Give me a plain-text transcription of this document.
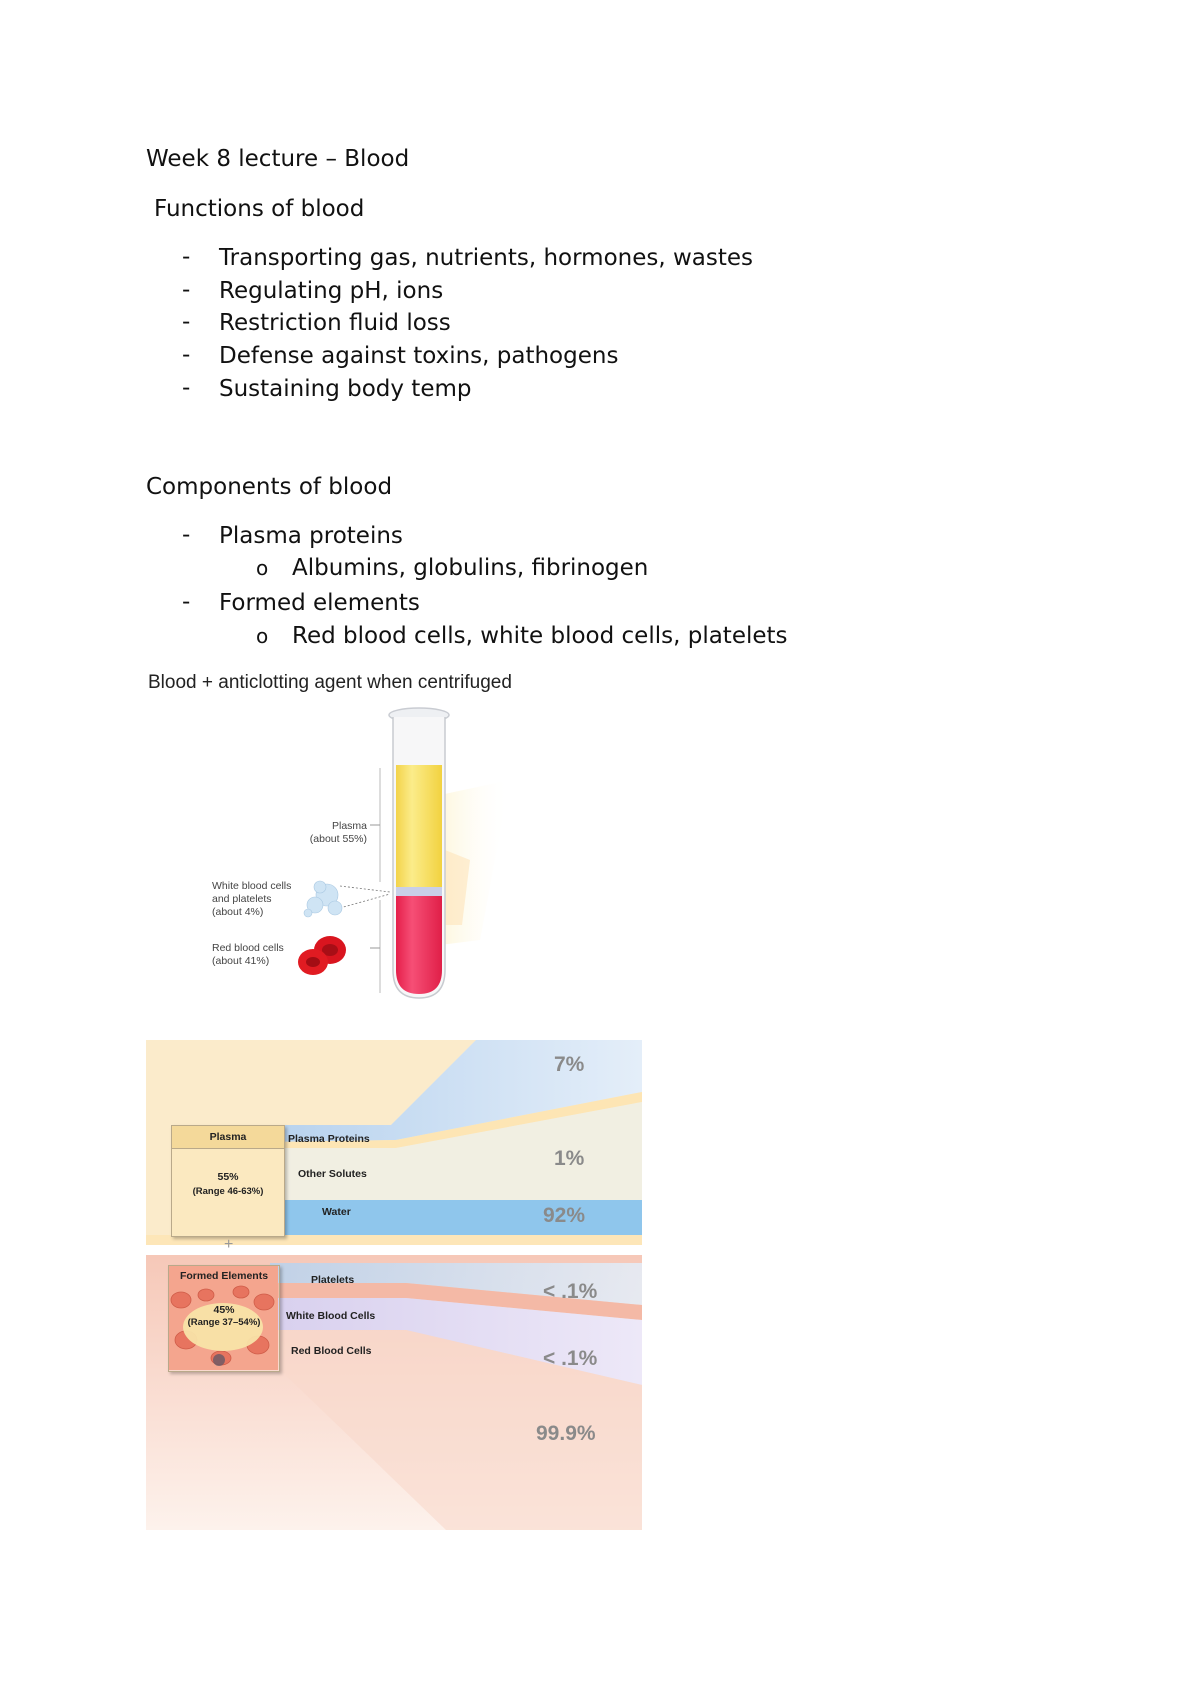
Week 8 lecture – Blood
Functions of blood
- Transporting gas, nutrients, hormones, wastes
- Regulating pH, ions
- Restriction fluid loss
- Defense against toxins, pathogens
- Sustaining body temp
Components of blood
- Plasma proteins
o Albumins, globulins, fibrinogen
- Formed elements
o Red blood cells, white blood cells, platelets
Blood + anticlotting agent when centrifuged
Plasma
(about 55%)
White blood cells
and platelets
(about 4%)
Red blood cells
(about 41%)
Plasma
55%
(Range 46-63%)
Plasma Proteins
Other Solutes
Water
7%
1%
92%
+
Formed Elements
45%
(Range 37–54%)
Platelets
White Blood Cells
Red Blood Cells
< .1%
< .1%
99.9%
